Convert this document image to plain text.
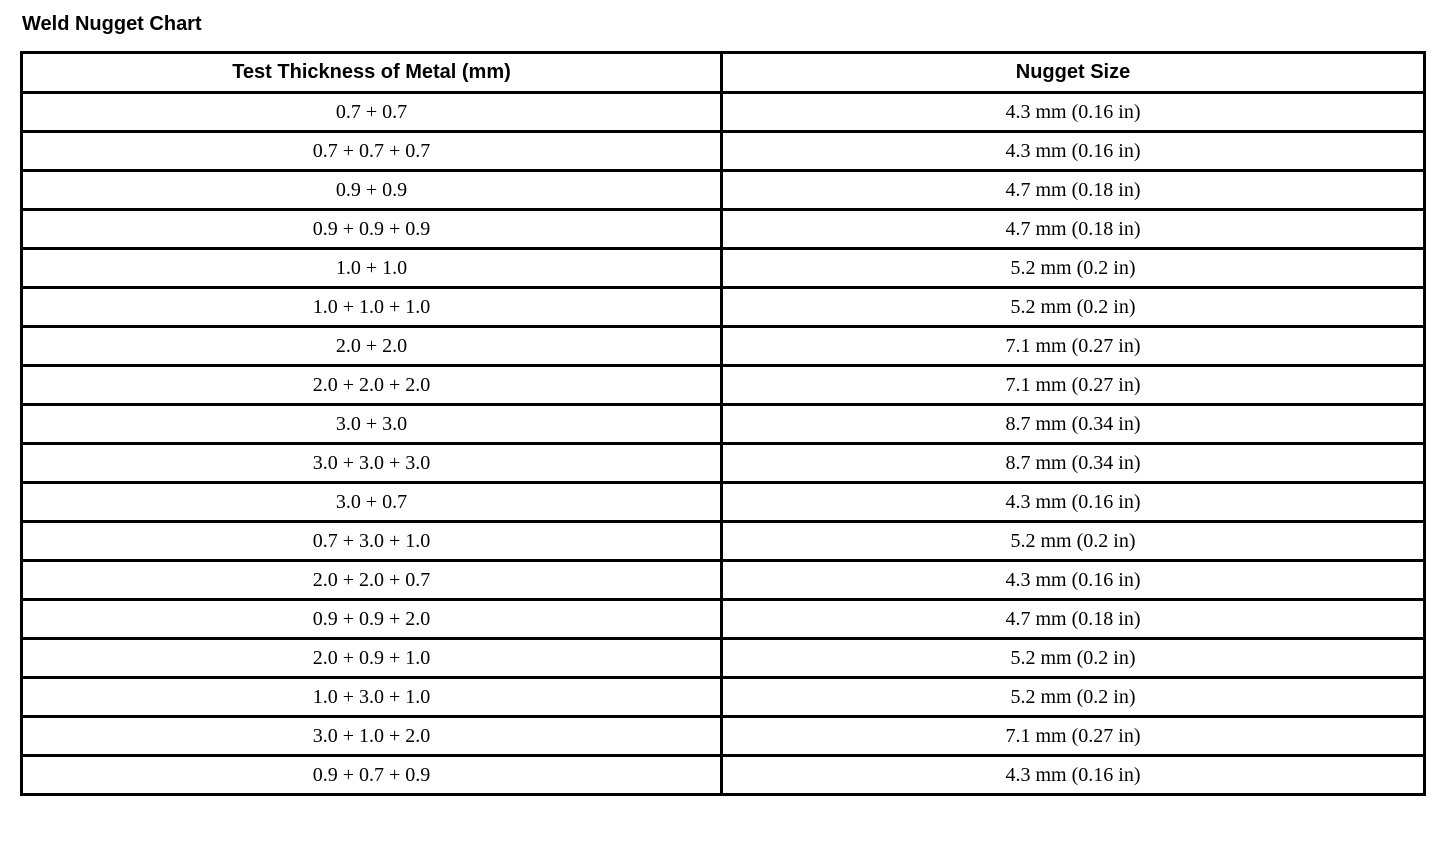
Weld Nugget Chart
Test Thickness of Metal (mm)	Nugget Size
0.7 + 0.7	4.3 mm (0.16 in)
0.7 + 0.7 + 0.7	4.3 mm (0.16 in)
0.9 + 0.9	4.7 mm (0.18 in)
0.9 + 0.9 + 0.9	4.7 mm (0.18 in)
1.0 + 1.0	5.2 mm (0.2 in)
1.0 + 1.0 + 1.0	5.2 mm (0.2 in)
2.0 + 2.0	7.1 mm (0.27 in)
2.0 + 2.0 + 2.0	7.1 mm (0.27 in)
3.0 + 3.0	8.7 mm (0.34 in)
3.0 + 3.0 + 3.0	8.7 mm (0.34 in)
3.0 + 0.7	4.3 mm (0.16 in)
0.7 + 3.0 + 1.0	5.2 mm (0.2 in)
2.0 + 2.0 + 0.7	4.3 mm (0.16 in)
0.9 + 0.9 + 2.0	4.7 mm (0.18 in)
2.0 + 0.9 + 1.0	5.2 mm (0.2 in)
1.0 + 3.0 + 1.0	5.2 mm (0.2 in)
3.0 + 1.0 + 2.0	7.1 mm (0.27 in)
0.9 + 0.7 + 0.9	4.3 mm (0.16 in)
